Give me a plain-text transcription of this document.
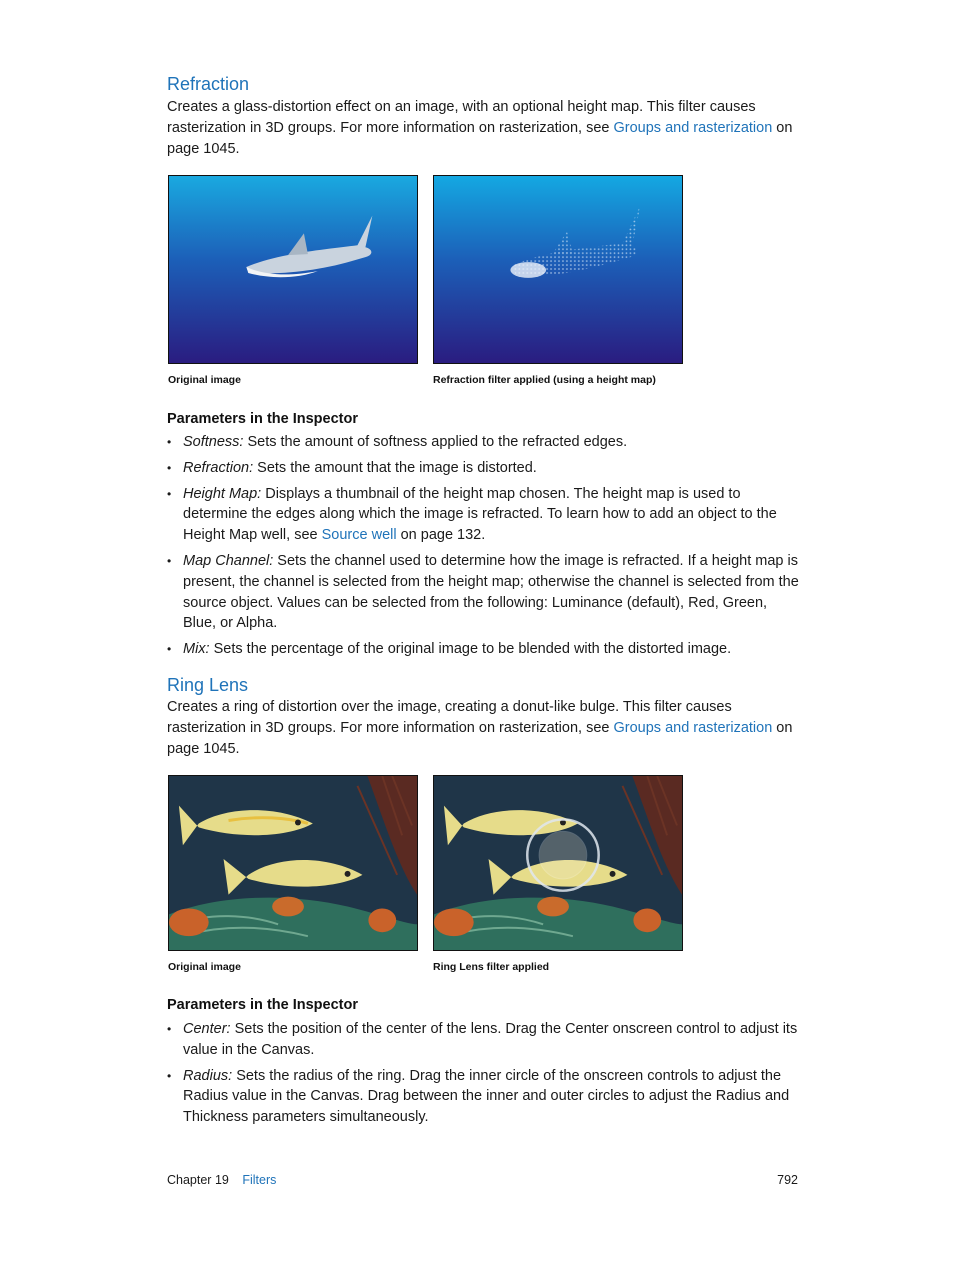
Refraction

Creates a glass-distortion effect on an image, with an optional height map. This filter causes rasterization in 3D groups. For more information on rasterization, see Groups and rasterization on page 1045.

Original image	Refraction filter applied (using a height map)
Parameters in the Inspector
• Softness: Sets the amount of softness applied to the refracted edges.
• Refraction: Sets the amount that the image is distorted.
• Height Map: Displays a thumbnail of the height map chosen. The height map is used to determine the edges along which the image is refracted. To learn how to add an object to the Height Map well, see Source well on page 132.
• Map Channel: Sets the channel used to determine how the image is refracted. If a height map is present, the channel is selected from the height map; otherwise the channel is selected from the source object. Values can be selected from the following: Luminance (default), Red, Green, Blue, or Alpha.
• Mix: Sets the percentage of the original image to be blended with the distorted image.
Ring Lens

Creates a ring of distortion over the image, creating a donut-like bulge. This filter causes rasterization in 3D groups. For more information on rasterization, see Groups and rasterization on page 1045.

Original image	Ring Lens filter applied
Parameters in the Inspector
• Center: Sets the position of the center of the lens. Drag the Center onscreen control to adjust its value in the Canvas.
• Radius: Sets the radius of the ring. Drag the inner circle of the onscreen controls to adjust the Radius value in the Canvas. Drag between the inner and outer circles to adjust the Radius and Thickness parameters simultaneously.
Chapter 19 Filters	792
